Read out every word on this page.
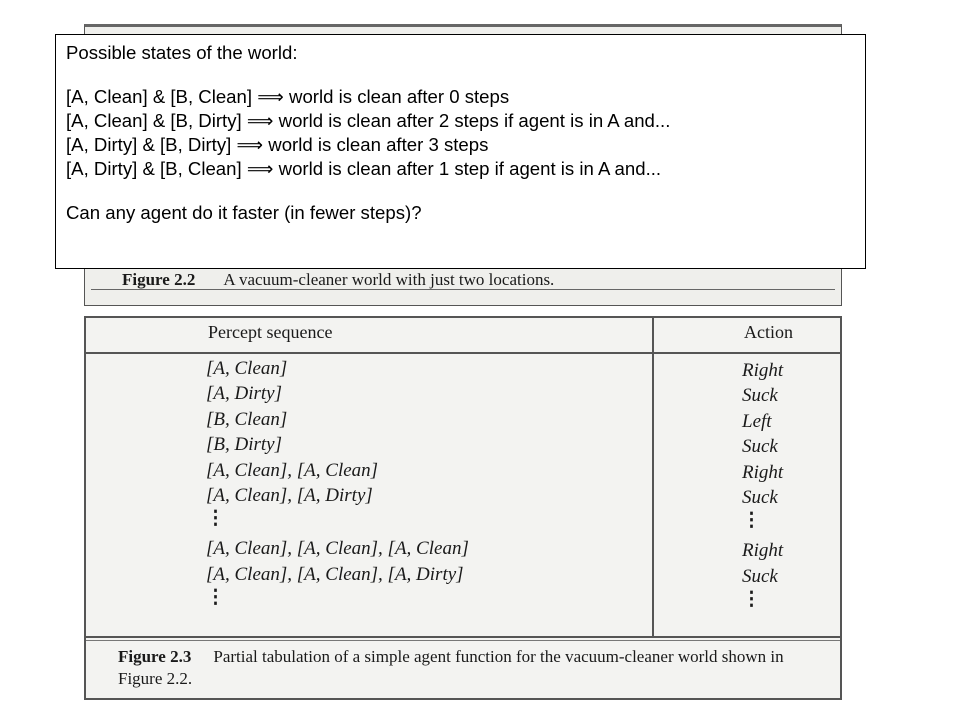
Figure 2.2 A vacuum-cleaner world with just two locations.
Percept sequence	Action
[A, Clean]
[A, Dirty]
[B, Clean]
[B, Dirty]
[A, Clean], [A, Clean]
[A, Clean], [A, Dirty]
⋮
[A, Clean], [A, Clean], [A, Clean]
[A, Clean], [A, Clean], [A, Dirty]
⋮
Right
Suck
Left
Suck
Right
Suck
⋮
Right
Suck
⋮
Figure 2.3 Partial tabulation of a simple agent function for the vacuum-cleaner world shown in Figure 2.2.
Possible states of the world:
[A, Clean] & [B, Clean] ⟹ world is clean after 0 steps
[A, Clean] & [B, Dirty] ⟹ world is clean after 2 steps if agent is in A and...
[A, Dirty] & [B, Dirty] ⟹ world is clean after 3 steps
[A, Dirty] & [B, Clean] ⟹ world is clean after 1 step if agent is in A and...
Can any agent do it faster (in fewer steps)?
